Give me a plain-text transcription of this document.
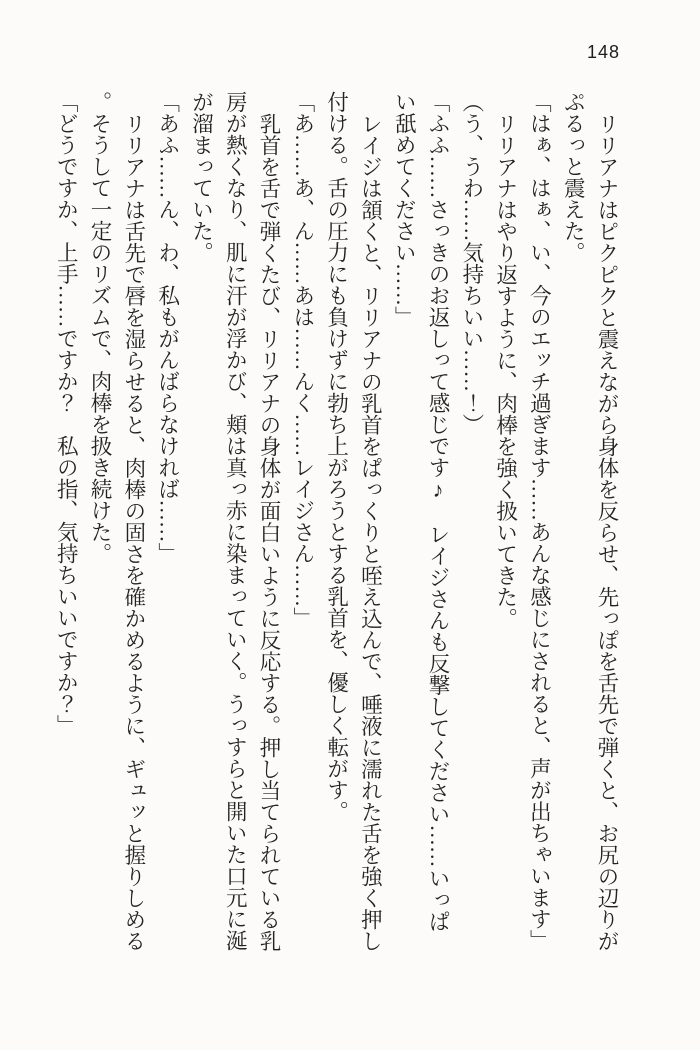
148

リリアナはピクピクと震えながら身体を反らせ、先っぽを舌先で弾くと、お尻の辺りがぷるっと震えた。

「はぁ、はぁ、い、今のエッチ過ぎます……あんな感じにされると、声が出ちゃいます」

リリアナはやり返すように、肉棒を強く扱いてきた。

（う、うわ……気持ちいい……！）

「ふふ……さっきのお返しって感じです♪　レイジさんも反撃してください……いっぱい舐めてください……」

レイジは頷くと、リリアナの乳首をぱっくりと咥え込んで、唾液に濡れた舌を強く押し付ける。舌の圧力にも負けずに勃ち上がろうとする乳首を、優しく転がす。

「あ……あ、ん……あは……んく……レイジさん……」

乳首を舌で弾くたび、リリアナの身体が面白いように反応する。押し当てられている乳房が熱くなり、肌に汗が浮かび、頬は真っ赤に染まっていく。うっすらと開いた口元に涎が溜まっていた。

「あふ……ん、わ、私もがんばらなければ……」

リリアナは舌先で唇を湿らせると、肉棒の固さを確かめるように、ギュッと握りしめる。そうして一定のリズムで、肉棒を扱き続けた。

「どうですか、上手……ですか？　私の指、気持ちいいですか？」
